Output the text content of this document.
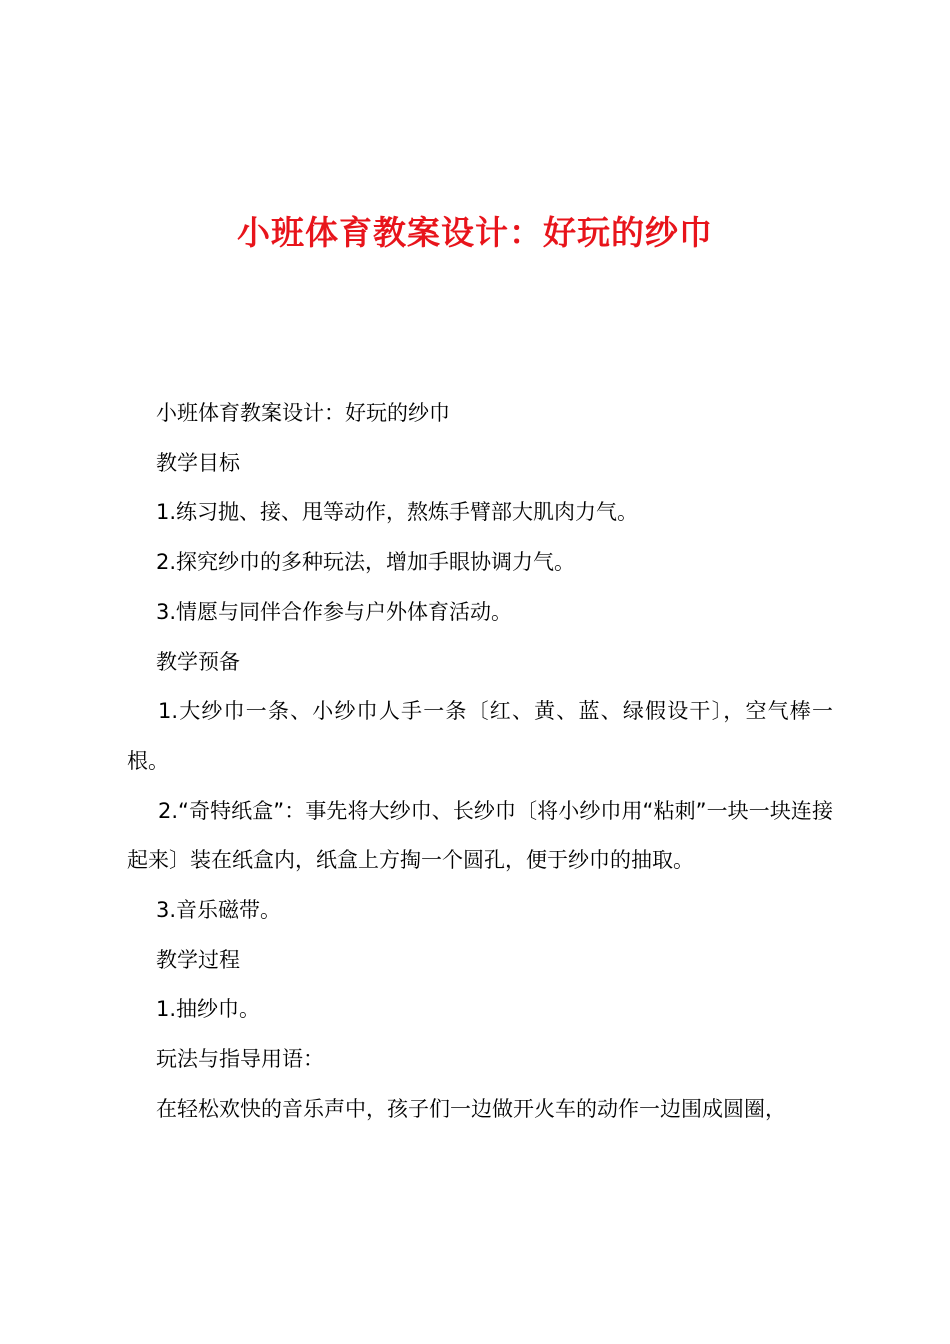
小班体育教案设计：好玩的纱巾

小班体育教案设计：好玩的纱巾

教学目标

1.练习抛、接、甩等动作，熬炼手臂部大肌肉力气。

2.探究纱巾的多种玩法，增加手眼协调力气。

3.情愿与同伴合作参与户外体育活动。

教学预备

1.大纱巾一条、小纱巾人手一条〔红、黄、蓝、绿假设干〕，空气棒一根。

2.“奇特纸盒”：事先将大纱巾、长纱巾〔将小纱巾用“粘刺”一块一块连接起来〕装在纸盒内，纸盒上方掏一个圆孔，便于纱巾的抽取。

3.音乐磁带。

教学过程

1.抽纱巾。

玩法与指导用语：

在轻松欢快的音乐声中，孩子们一边做开火车的动作一边围成圆圈，
